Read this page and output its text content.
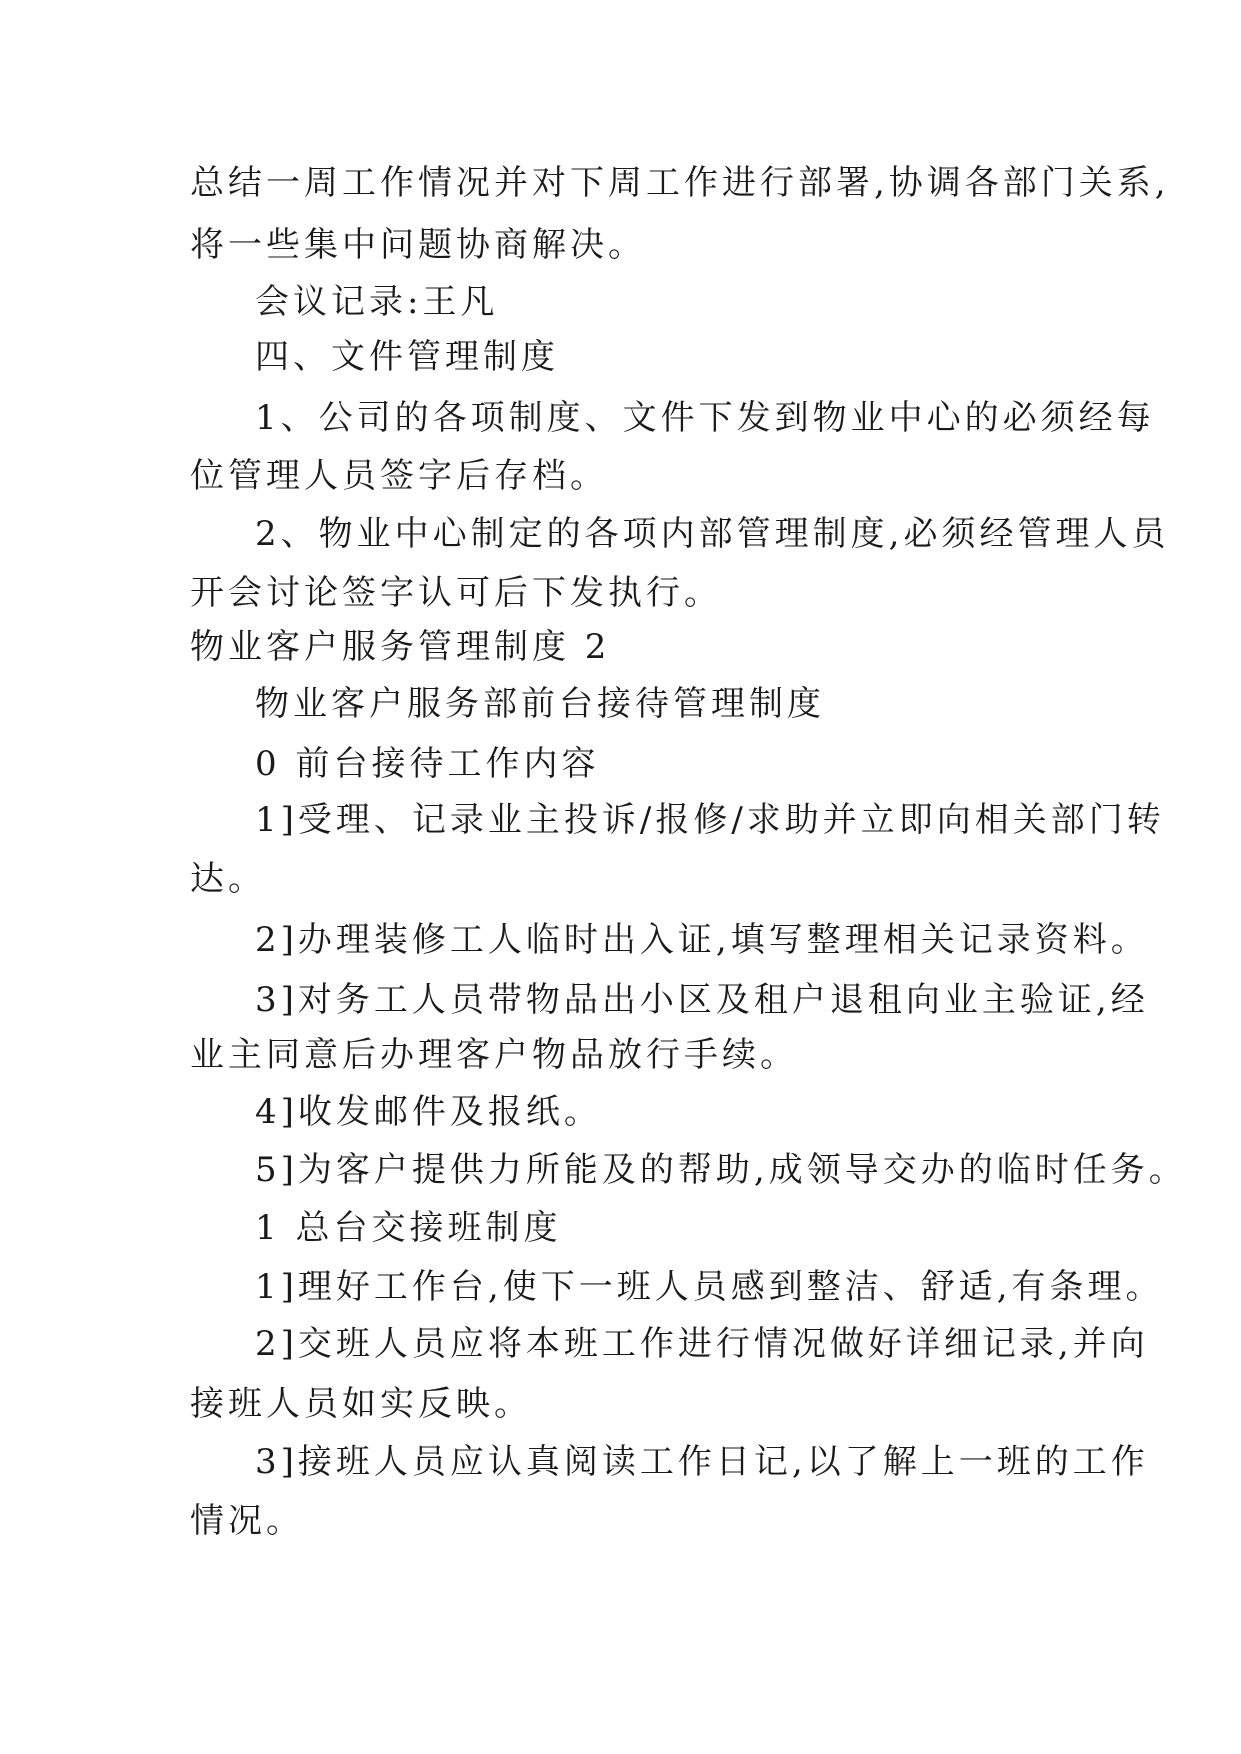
总结一周工作情况并对下周工作进行部署,协调各部门关系,
将一些集中问题协商解决。
会议记录:王凡
四、文件管理制度
1、公司的各项制度、文件下发到物业中心的必须经每
位管理人员签字后存档。
2、物业中心制定的各项内部管理制度,必须经管理人员
开会讨论签字认可后下发执行。
物业客户服务管理制度 2
物业客户服务部前台接待管理制度
0 前台接待工作内容
1]受理、记录业主投诉/报修/求助并立即向相关部门转
达。
2]办理装修工人临时出入证,填写整理相关记录资料。
3]对务工人员带物品出小区及租户退租向业主验证,经
业主同意后办理客户物品放行手续。
4]收发邮件及报纸。
5]为客户提供力所能及的帮助,成领导交办的临时任务。
1 总台交接班制度
1]理好工作台,使下一班人员感到整洁、舒适,有条理。
2]交班人员应将本班工作进行情况做好详细记录,并向
接班人员如实反映。
3]接班人员应认真阅读工作日记,以了解上一班的工作
情况。
